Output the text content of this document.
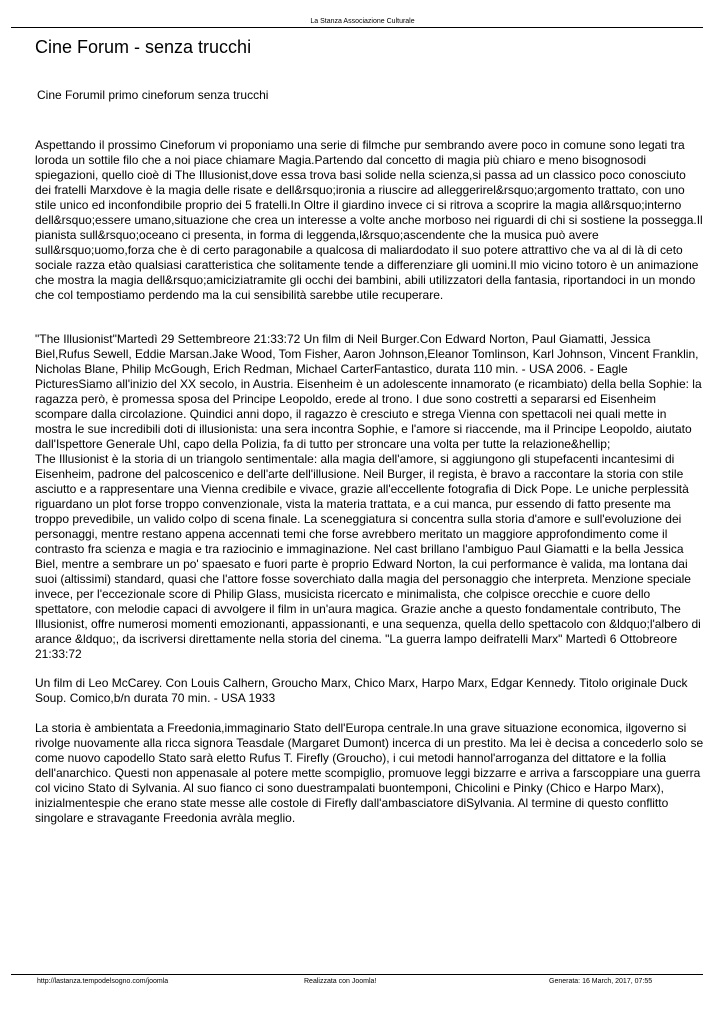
La Stanza Associazione Culturale
Cine Forum - senza trucchi

Cine Forumil primo cineforum senza trucchi

Aspettando il prossimo Cineforum vi proponiamo una serie di filmche pur sembrando avere poco in comune sono legati tra loroda un sottile filo che a noi piace chiamare Magia.Partendo dal concetto di magia più chiaro e meno bisognosodi spiegazioni, quello cioè di The Illusionist,dove essa trova basi solide nella scienza,si passa ad un classico poco conosciuto dei fratelli Marxdove è la magia delle risate e dell&rsquo;ironia a riuscire ad alleggerirel&rsquo;argomento trattato, con uno stile unico ed inconfondibile proprio dei 5 fratelli.In Oltre il giardino invece ci si ritrova a scoprire la magia all&rsquo;interno dell&rsquo;essere umano,situazione che crea un interesse a volte anche morboso nei riguardi di chi si sostiene la possegga.Il pianista sull&rsquo;oceano ci presenta, in forma di leggenda,l&rsquo;ascendente che la musica può avere sull&rsquo;uomo,forza che è di certo paragonabile a qualcosa di maliardodato il suo potere attrattivo che va al di là di ceto sociale razza etào qualsiasi caratteristica che solitamente tende a differenziare gli uomini.Il mio vicino totoro è un animazione che mostra la magia dell&rsquo;amiciziatramite gli occhi dei bambini, abili utilizzatori della fantasia, riportandoci in un mondo che col tempostiamo perdendo ma la cui sensibilità sarebbe utile recuperare.

"The Illusionist"Martedì 29 Settembreore 21:33:72 Un film di Neil Burger.Con Edward Norton, Paul Giamatti, Jessica Biel,Rufus Sewell, Eddie Marsan.Jake Wood, Tom Fisher, Aaron Johnson,Eleanor Tomlinson, Karl Johnson, Vincent Franklin, Nicholas Blane, Philip McGough, Erich Redman, Michael CarterFantastico, durata 110 min. - USA 2006. - Eagle PicturesSiamo all'inizio del XX secolo, in Austria. Eisenheim è un adolescente innamorato (e ricambiato) della bella Sophie: la ragazza però, è promessa sposa del Principe Leopoldo, erede al trono. I due sono costretti a separarsi ed Eisenheim scompare dalla circolazione. Quindici anni dopo, il ragazzo è cresciuto e strega Vienna con spettacoli nei quali mette in mostra le sue incredibili doti di illusionista: una sera incontra Sophie, e l'amore si riaccende, ma il Principe Leopoldo, aiutato dall'Ispettore Generale Uhl, capo della Polizia, fa di tutto per stroncare una volta per tutte la relazione&hellip;
The Illusionist è la storia di un triangolo sentimentale: alla magia dell'amore, si aggiungono gli stupefacenti incantesimi di Eisenheim, padrone del palcoscenico e dell'arte dell'illusione. Neil Burger, il regista, è bravo a raccontare la storia con stile asciutto e a rappresentare una Vienna credibile e vivace, grazie all'eccellente fotografia di Dick Pope. Le uniche perplessità riguardano un plot forse troppo convenzionale, vista la materia trattata, e a cui manca, pur essendo di fatto presente ma troppo prevedibile, un valido colpo di scena finale. La sceneggiatura si concentra sulla storia d'amore e sull'evoluzione dei personaggi, mentre restano appena accennati temi che forse avrebbero meritato un maggiore approfondimento come il contrasto fra scienza e magia e tra raziocinio e immaginazione. Nel cast brillano l'ambiguo Paul Giamatti e la bella Jessica Biel, mentre a sembrare un po' spaesato e fuori parte è proprio Edward Norton, la cui performance è valida, ma lontana dai suoi (altissimi) standard, quasi che l'attore fosse soverchiato dalla magia del personaggio che interpreta. Menzione speciale invece, per l'eccezionale score di Philip Glass, musicista ricercato e minimalista, che colpisce orecchie e cuore dello spettatore, con melodie capaci di avvolgere il film in un'aura magica. Grazie anche a questo fondamentale contributo, The Illusionist, offre numerosi momenti emozionanti, appassionanti, e una sequenza, quella dello spettacolo con &ldquo;l'albero di arance &ldquo;, da iscriversi direttamente nella storia del cinema. "La guerra lampo deifratelli Marx" Martedì 6 Ottobreore 21:33:72

Un film di Leo McCarey. Con Louis Calhern, Groucho Marx, Chico Marx, Harpo Marx, Edgar Kennedy. Titolo originale Duck Soup. Comico,b/n durata 70 min. - USA 1933

La storia è ambientata a Freedonia,immaginario Stato dell'Europa centrale.In una grave situazione economica, ilgoverno si rivolge nuovamente alla ricca signora Teasdale (Margaret Dumont) incerca di un prestito. Ma lei è decisa a concederlo solo se come nuovo capodello Stato sarà eletto Rufus T. Firefly (Groucho), i cui metodi hannol'arroganza del dittatore e la follia dell'anarchico. Questi non appenasale al potere mette scompiglio, promuove leggi bizzarre e arriva a farscoppiare una guerra col vicino Stato di Sylvania. Al suo fianco ci sono duestrampalati buontemponi, Chicolini e Pinky (Chico e Harpo Marx), inizialmentespie che erano state messe alle costole di Firefly dall'ambasciatore diSylvania. Al termine di questo conflitto singolare e stravagante Freedonia avràla meglio.

http://lastanza.tempodelsogno.com/joomla	Realizzata con Joomla!	Generata: 16 March, 2017, 07:55
